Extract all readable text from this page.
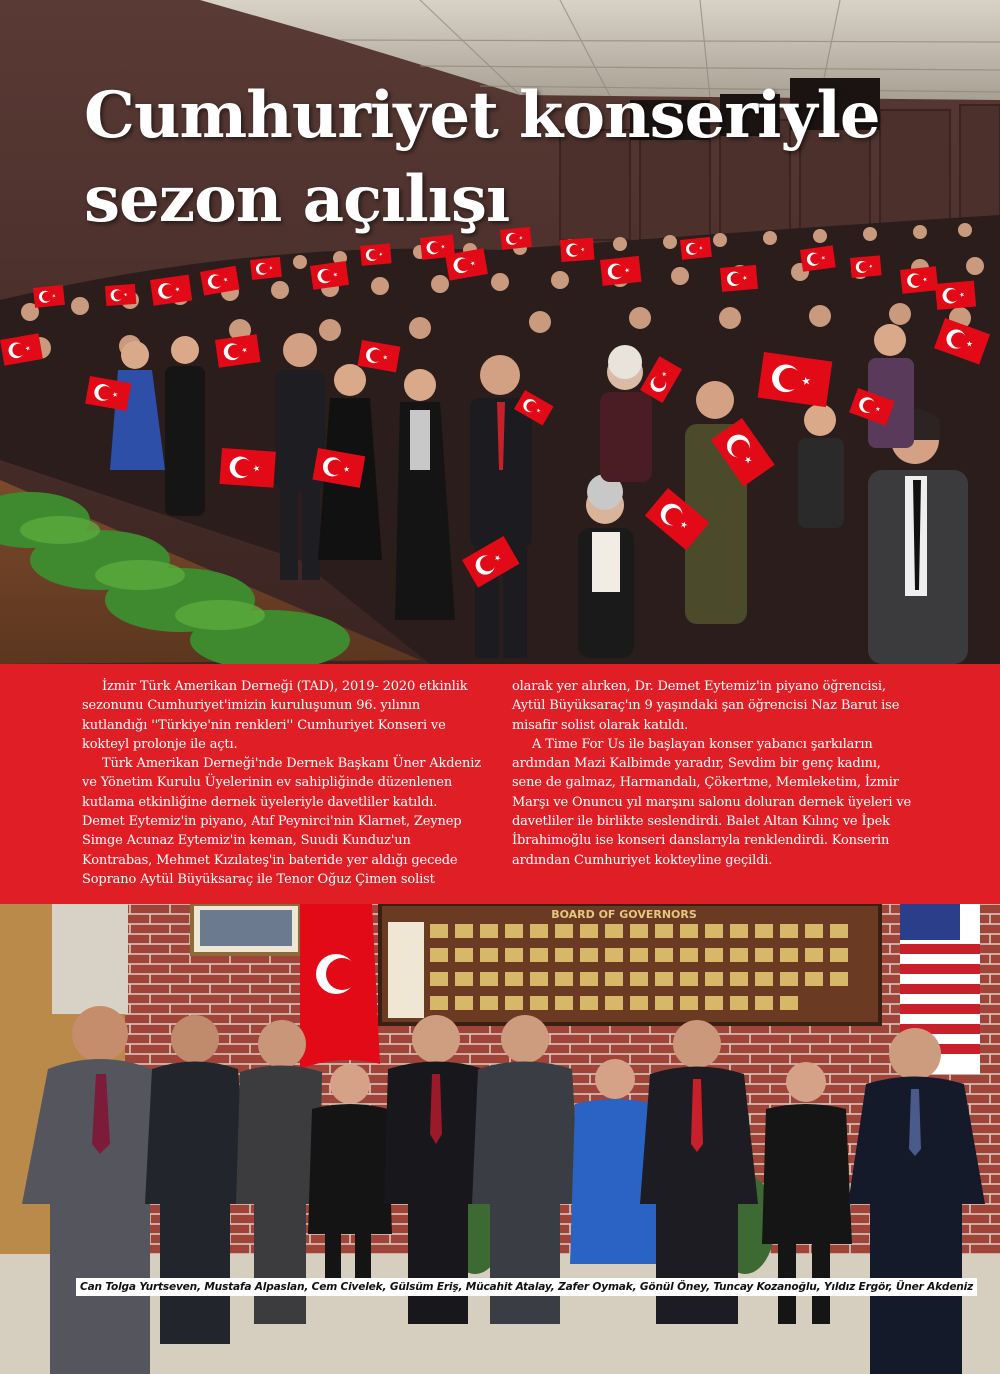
Cumhuriyet konseriyle
sezon açılışı

İzmir Türk Amerikan Derneği (TAD), 2019- 2020 etkinlik sezonunu Cumhuriyet'imizin kuruluşunun 96. yılının kutlandığı ''Türkiye'nin renkleri'' Cumhuriyet Konseri ve kokteyl prolonje ile açtı.

Türk Amerikan Derneği'nde Dernek Başkanı Üner Akdeniz ve Yönetim Kurulu Üyelerinin ev sahipliğinde düzenlenen kutlama etkinliğine dernek üyeleriyle davetliler katıldı. Demet Eytemiz'in piyano, Atıf Peynirci'nin Klarnet, Zeynep Simge Acunaz Eytemiz'in keman, Suudi Kunduz'un Kontrabas, Mehmet Kızılateş'in bateride yer aldığı gecede Soprano Aytül Büyüksaraç ile Tenor Oğuz Çimen solist

olarak yer alırken, Dr. Demet Eytemiz'in piyano öğrencisi, Aytül Büyüksaraç'ın 9 yaşındaki şan öğrencisi Naz Barut ise misafir solist olarak katıldı.

A Time For Us ile başlayan konser yabancı şarkıların ardından Mazi Kalbimde yaradır, Sevdim bir genç kadını, sene de galmaz, Harmandalı, Çökertme, Memleketim, İzmir Marşı ve Onuncu yıl marşını salonu doluran dernek üyeleri ve davetliler ile birlikte seslendirdi. Balet Altan Kılınç ve İpek İbrahimoğlu ise konseri danslarıyla renklendirdi. Konserin ardından Cumhuriyet kokteyline geçildi.

BOARD OF GOVERNORS
Can Tolga Yurtseven, Mustafa Alpaslan, Cem Civelek, Gülsüm Eriş, Mücahit Atalay, Zafer Oymak, Gönül Öney, Tuncay Kozanoğlu, Yıldız Ergör, Üner Akdeniz
